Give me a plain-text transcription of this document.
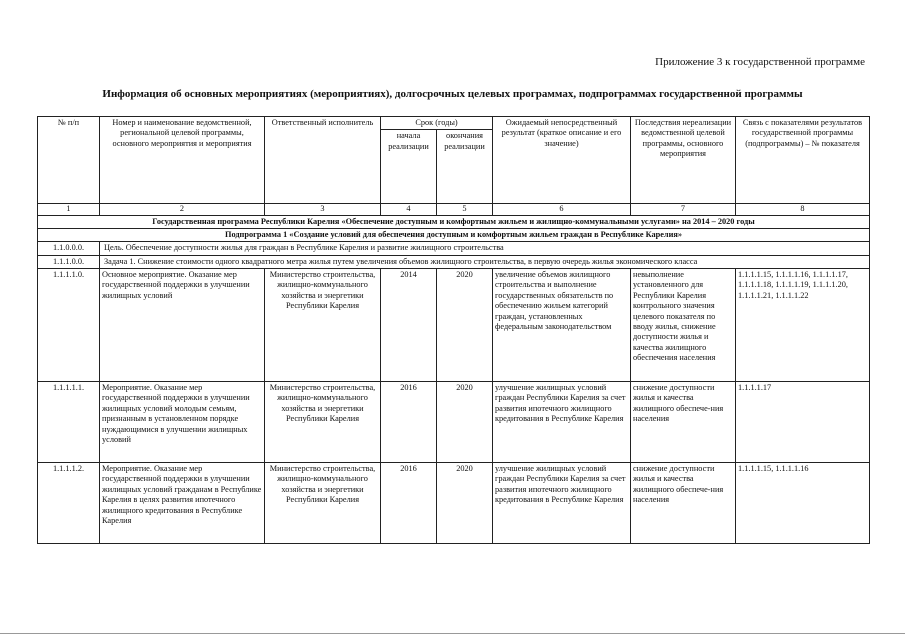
Приложение 3 к государственной программе
Информация об основных мероприятиях (мероприятиях), долгосрочных целевых программах, подпрограммах государственной программы
№ п/п	Номер и наименование ведомственной, региональной целевой программы, основного мероприятия и мероприятия	Ответственный исполнитель	Срок (годы)		Ожидаемый непосредственный результат (краткое описание и его значение)	Последствия нереализации ведомственной целевой программы, основного мероприятия	Связь с показателями результатов государственной программы (подпрограммы) – № показателя
			начала реализации	окончания реализации			
1	2	3	4	5	6	7	8
Государственная программа Республики Карелия «Обеспечение доступным и комфортным жильем и жилищно-коммунальными услугами» на 2014 – 2020 годы							
Подпрограмма 1 «Создание условий для обеспечения доступным и комфортным жильем граждан в Республике Карелия»							
1.1.0.0.0.	Цель. Обеспечение доступности жилья для граждан в Республике Карелия и развитие жилищного строительства						
1.1.1.0.0.	Задача 1. Снижение стоимости одного квадратного метра жилья путем увеличения объемов жилищного строительства, в первую очередь жилья экономического класса						
1.1.1.1.0.	Основное мероприятие. Оказание мер государственной поддержки в улучшении жилищных условий	Министерство строительства, жилищно-коммунального хозяйства и энергетики Республики Карелия	2014	2020	увеличение объемов жилищного строительства и выполнение государственных обязательств по обеспечению жильем категорий граждан, установленных федеральным законодательством	невыполнение установленного для Республики Карелия контрольного значения целевого показателя по вводу жилья, снижение доступности жилья и качества жилищного обеспечения населения	1.1.1.1.15, 1.1.1.1.16, 1.1.1.1.17, 1.1.1.1.18, 1.1.1.1.19, 1.1.1.1.20, 1.1.1.1.21, 1.1.1.1.22
1.1.1.1.1.	Мероприятие. Оказание мер государственной поддержки в улучшении жилищных условий молодым семьям, признанным в установленном порядке нуждающимися в улучшении жилищных условий	Министерство строительства, жилищно-коммунального хозяйства и энергетики Республики Карелия	2016	2020	улучшение жилищных условий граждан Республики Карелия за счет развития ипотечного жилищного кредитования в Республике Карелия	снижение доступности жилья и качества жилищного обеспече-ния населения	1.1.1.1.17
1.1.1.1.2.	Мероприятие. Оказание мер государственной поддержки в улучшении жилищных условий гражданам в Республике Карелия в целях развития ипотечного жилищного кредитования в Республике Карелия	Министерство строительства, жилищно-коммунального хозяйства и энергетики Республики Карелия	2016	2020	улучшение жилищных условий граждан Республики Карелия за счет развития ипотечного жилищного кредитования в Республике Карелия	снижение доступности жилья и качества жилищного обеспече-ния населения	1.1.1.1.15, 1.1.1.1.16
